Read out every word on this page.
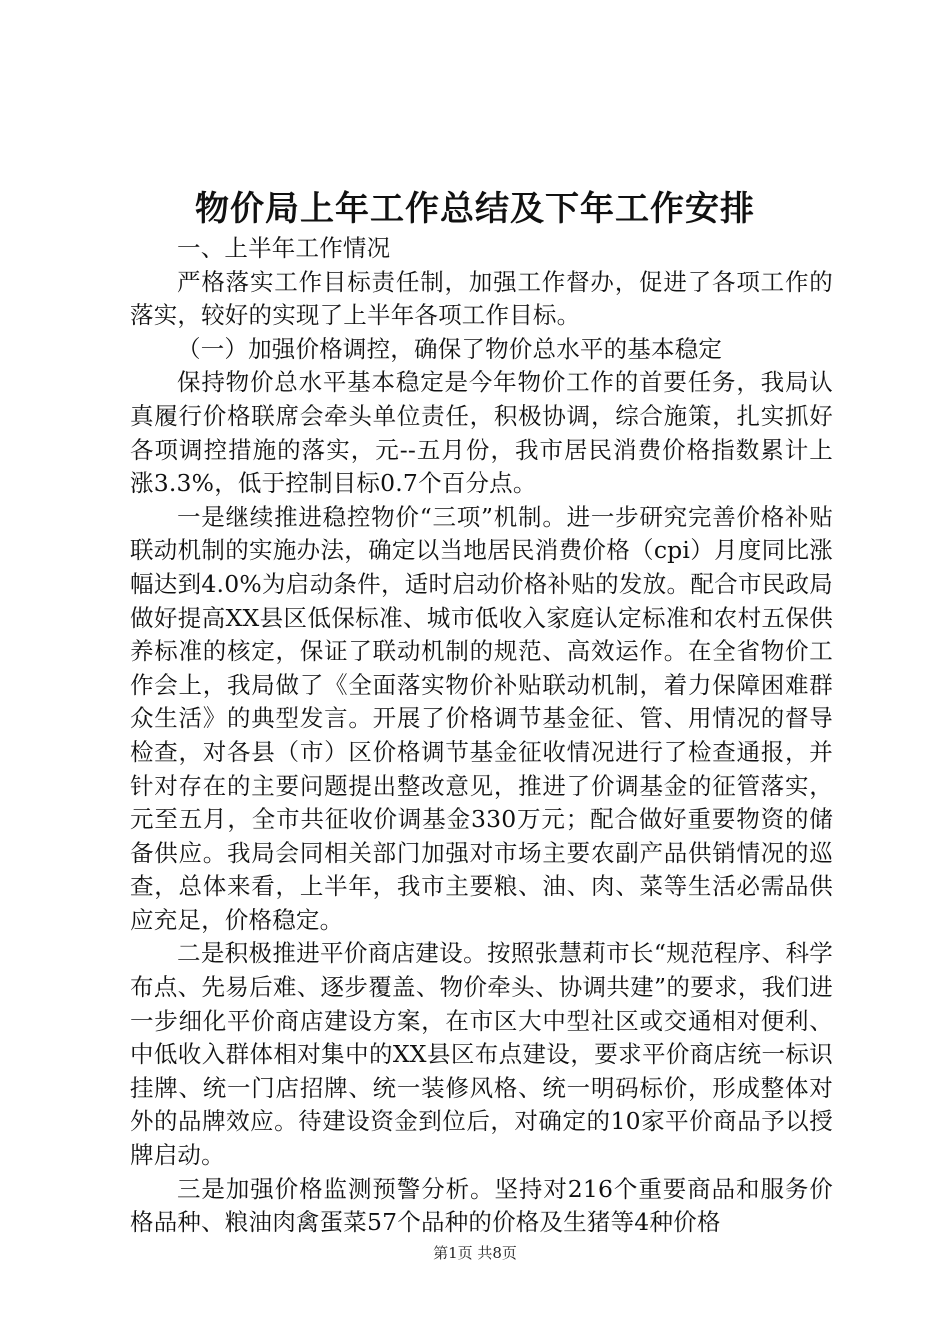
物价局上年工作总结及下年工作安排

一、上半年工作情况

严格落实工作目标责任制，加强工作督办，促进了各项工作的落实，较好的实现了上半年各项工作目标。

（一）加强价格调控，确保了物价总水平的基本稳定

保持物价总水平基本稳定是今年物价工作的首要任务，我局认真履行价格联席会牵头单位责任，积极协调，综合施策，扎实抓好各项调控措施的落实，元--五月份，我市居民消费价格指数累计上涨3.3%，低于控制目标0.7个百分点。

一是继续推进稳控物价“三项”机制。进一步研究完善价格补贴联动机制的实施办法，确定以当地居民消费价格（cpi）月度同比涨幅达到4.0%为启动条件，适时启动价格补贴的发放。配合市民政局做好提高XX县区低保标准、城市低收入家庭认定标准和农村五保供养标准的核定，保证了联动机制的规范、高效运作。在全省物价工作会上，我局做了《全面落实物价补贴联动机制，着力保障困难群众生活》的典型发言。开展了价格调节基金征、管、用情况的督导检查，对各县（市）区价格调节基金征收情况进行了检查通报，并针对存在的主要问题提出整改意见，推进了价调基金的征管落实，元至五月，全市共征收价调基金330万元；配合做好重要物资的储备供应。我局会同相关部门加强对市场主要农副产品供销情况的巡查，总体来看，上半年，我市主要粮、油、肉、菜等生活必需品供应充足，价格稳定。

二是积极推进平价商店建设。按照张慧莉市长“规范程序、科学布点、先易后难、逐步覆盖、物价牵头、协调共建”的要求，我们进一步细化平价商店建设方案，在市区大中型社区或交通相对便利、中低收入群体相对集中的XX县区布点建设，要求平价商店统一标识挂牌、统一门店招牌、统一装修风格、统一明码标价，形成整体对外的品牌效应。待建设资金到位后，对确定的10家平价商品予以授牌启动。

三是加强价格监测预警分析。坚持对216个重要商品和服务价格品种、粮油肉禽蛋菜57个品种的价格及生猪等4种价格

第1页 共8页
